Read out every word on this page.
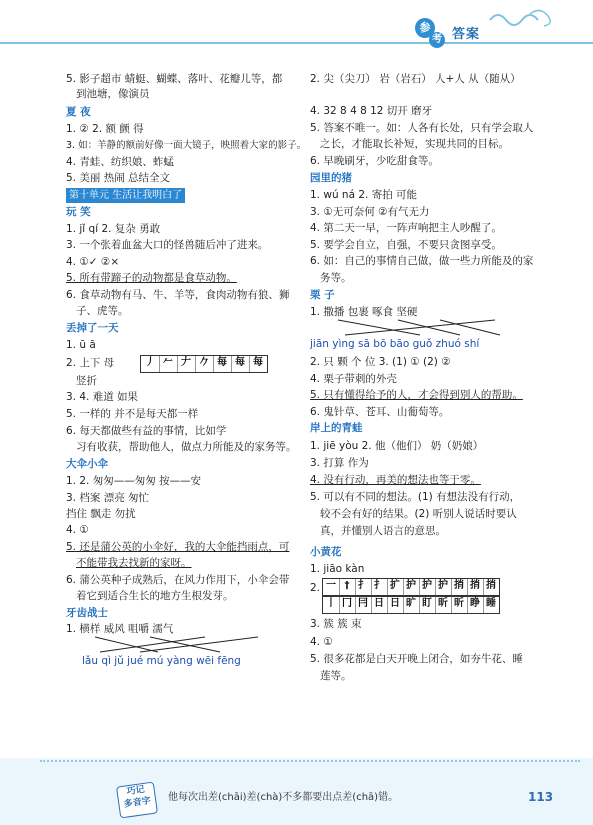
参
考 答案
5. 影子超市 蜻蜓、蝴蝶、落叶、花瓣儿等，都
到池塘，像演员
夏 夜
1. ② 2. 额 颤 得
3. 如：羊静的额前好像一面大镜子，映照着大家的影子。
4. 青蛙、纺织娘、蚱蜢
5. 美丽 热闹 总结全文
第十单元 生活让我明白了
玩 笑
1. jǐ qí 2. 复杂 勇敢
3. 一个张着血盆大口的怪兽随后冲了进来。
4. ①✓ ②×
5. 所有带蹄子的动物都是食草动物。
6. 食草动物有马、牛、羊等，食肉动物有狼、狮
子、虎等。
丢掉了一天
1. ū ā
2. 上下 母	丿 𠂉 𠂇 𠂊 每 每 每
竖折
3. 4. 难道 如果
5. 一样的 并不是每天都一样
6. 每天都做些有益的事情，比如学
习有收获，帮助他人，做点力所能及的家务等。
大伞小伞
1. 2. 匆匆——匆匆 按——安
3. 档案 漂亮 匆忙
挡住 飘走 勿扰
4. ①
5. 还是蒲公英的小伞好，我的大伞能挡雨点，可
不能带我去找新的家呀。
6. 蒲公英种子成熟后，在风力作用下，小伞会带
着它到适合生长的地方生根发芽。
牙齿战士
1. 横样 威风 咀嚼 濡气
lǎu qì jǔ jué mú yàng wēi fēng
2. 尖（尖刀） 岩（岩石） 人+人 从（随从）
4. 32 8 4 8 12 切开 磨牙
5. 答案不唯一。如：人各有长处，只有学会取人
之长，才能取长补短，实现共同的目标。
6. 早晚刷牙，少吃甜食等。
园里的猪
1. wú ná 2. 寄拍 可能
3. ①无可奈何 ②有气无力
4. 第二天一早，一阵声响把主人吵醒了。
5. 要学会自立，自强，不要只贪图享受。
6. 如：自己的事情自己做，做一些力所能及的家
务等。
栗 子
1. 撒播 包裹 啄食 坚硬
jiān yìng sā bō bāo guǒ zhuó shí
2. 只 颗 个 位 3. (1) ① (2) ②
4. 栗子带刺的外壳
5. 只有懂得给予的人，才会得到别人的帮助。
6. 鬼针草、苍耳、山葡萄等。
岸上的青蛙
1. jiē yòu 2. 他（他们） 奶（奶娘）
3. 打算 作为
4. 没有行动，再美的想法也等于零。
5. 可以有不同的想法。(1) 有想法没有行动，
较不会有好的结果。(2) 听别人说话时要认
真，并懂别人语言的意思。
小黄花
1. jiāo kàn
2. 一 † 扌 扌 扩 护 护 护 捎 捎 捎
丨 冂 冃 日 日 旷 盯 昕 昕 睁 睡
3. 簇 簇 束
4. ①
5. 很多花都是白天开晚上闭合，如夯牛花、睡
莲等。
巧记
多音字	他每次出差(chāi)差(chà)不多都要出点差(chā)错。	113
